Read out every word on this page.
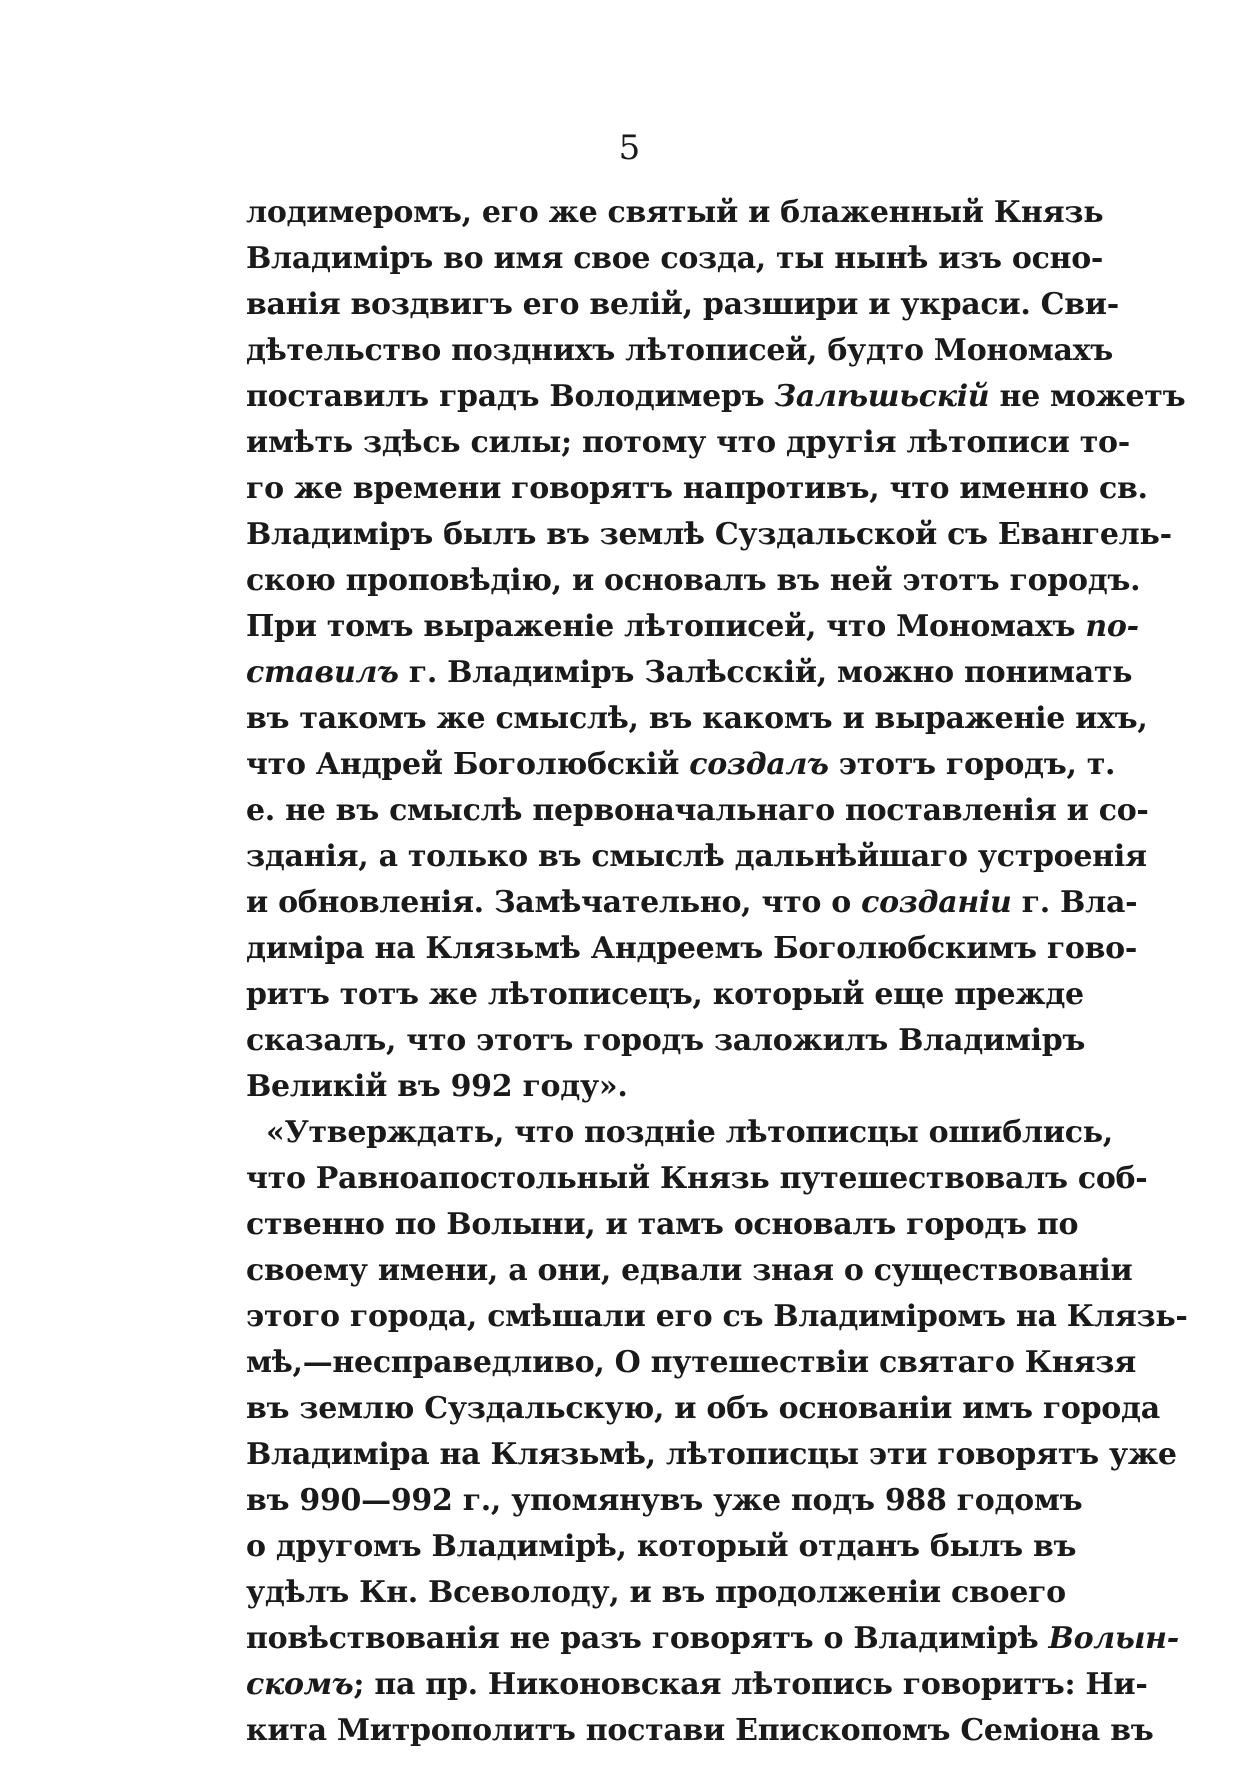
5
лодимеромъ, его же святый и блаженный Князь
Владиміръ во имя свое созда, ты нынѣ изъ осно-
ванія воздвигъ его велій, разшири и украси. Сви-
дѣтельство позднихъ лѣтописей, будто Мономахъ
поставилъ градъ Володимеръ Залѣшьскій не можетъ
имѣть здѣсь силы; потому что другія лѣтописи то-
го же времени говорятъ напротивъ, что именно св.
Владиміръ былъ въ землѣ Суздальской съ Евангель-
скою проповѣдію, и основалъ въ ней этотъ городъ.
При томъ выраженіе лѣтописей, что Мономахъ по-
ставилъ г. Владиміръ Залѣсскій, можно понимать
въ такомъ же смыслѣ, въ какомъ и выраженіе ихъ,
что Андрей Боголюбскій создалъ этотъ городъ, т.
е. не въ смыслѣ первоначальнаго поставленія и со-
зданія, а только въ смыслѣ дальнѣйшаго устроенія
и обновленія. Замѣчательно, что о созданіи г. Вла-
диміра на Клязьмѣ Андреемъ Боголюбскимъ гово-
ритъ тотъ же лѣтописецъ, который еще прежде
сказалъ, что этотъ городъ заложилъ Владиміръ
Великій въ 992 году».
«Утверждать, что поздніе лѣтописцы ошиблись,
что Равноапостольный Князь путешествовалъ соб-
ственно по Волыни, и тамъ основалъ городъ по
своему имени, а они, едвали зная о существованіи
этого города, смѣшали его съ Владиміромъ на Клязь-
мѣ,—несправедливо, О путешествіи святаго Князя
въ землю Суздальскую, и объ основаніи имъ города
Владиміра на Клязьмѣ, лѣтописцы эти говорятъ уже
въ 990—992 г., упомянувъ уже подъ 988 годомъ
о другомъ Владимірѣ, который отданъ былъ въ
удѣлъ Кн. Всеволоду, и въ продолженіи своего
повѣствованія не разъ говорятъ о Владимірѣ Волын-
скомъ; па пр. Никоновская лѣтопись говоритъ: Ни-
кита Митрополитъ постави Епископомъ Семіона въ
